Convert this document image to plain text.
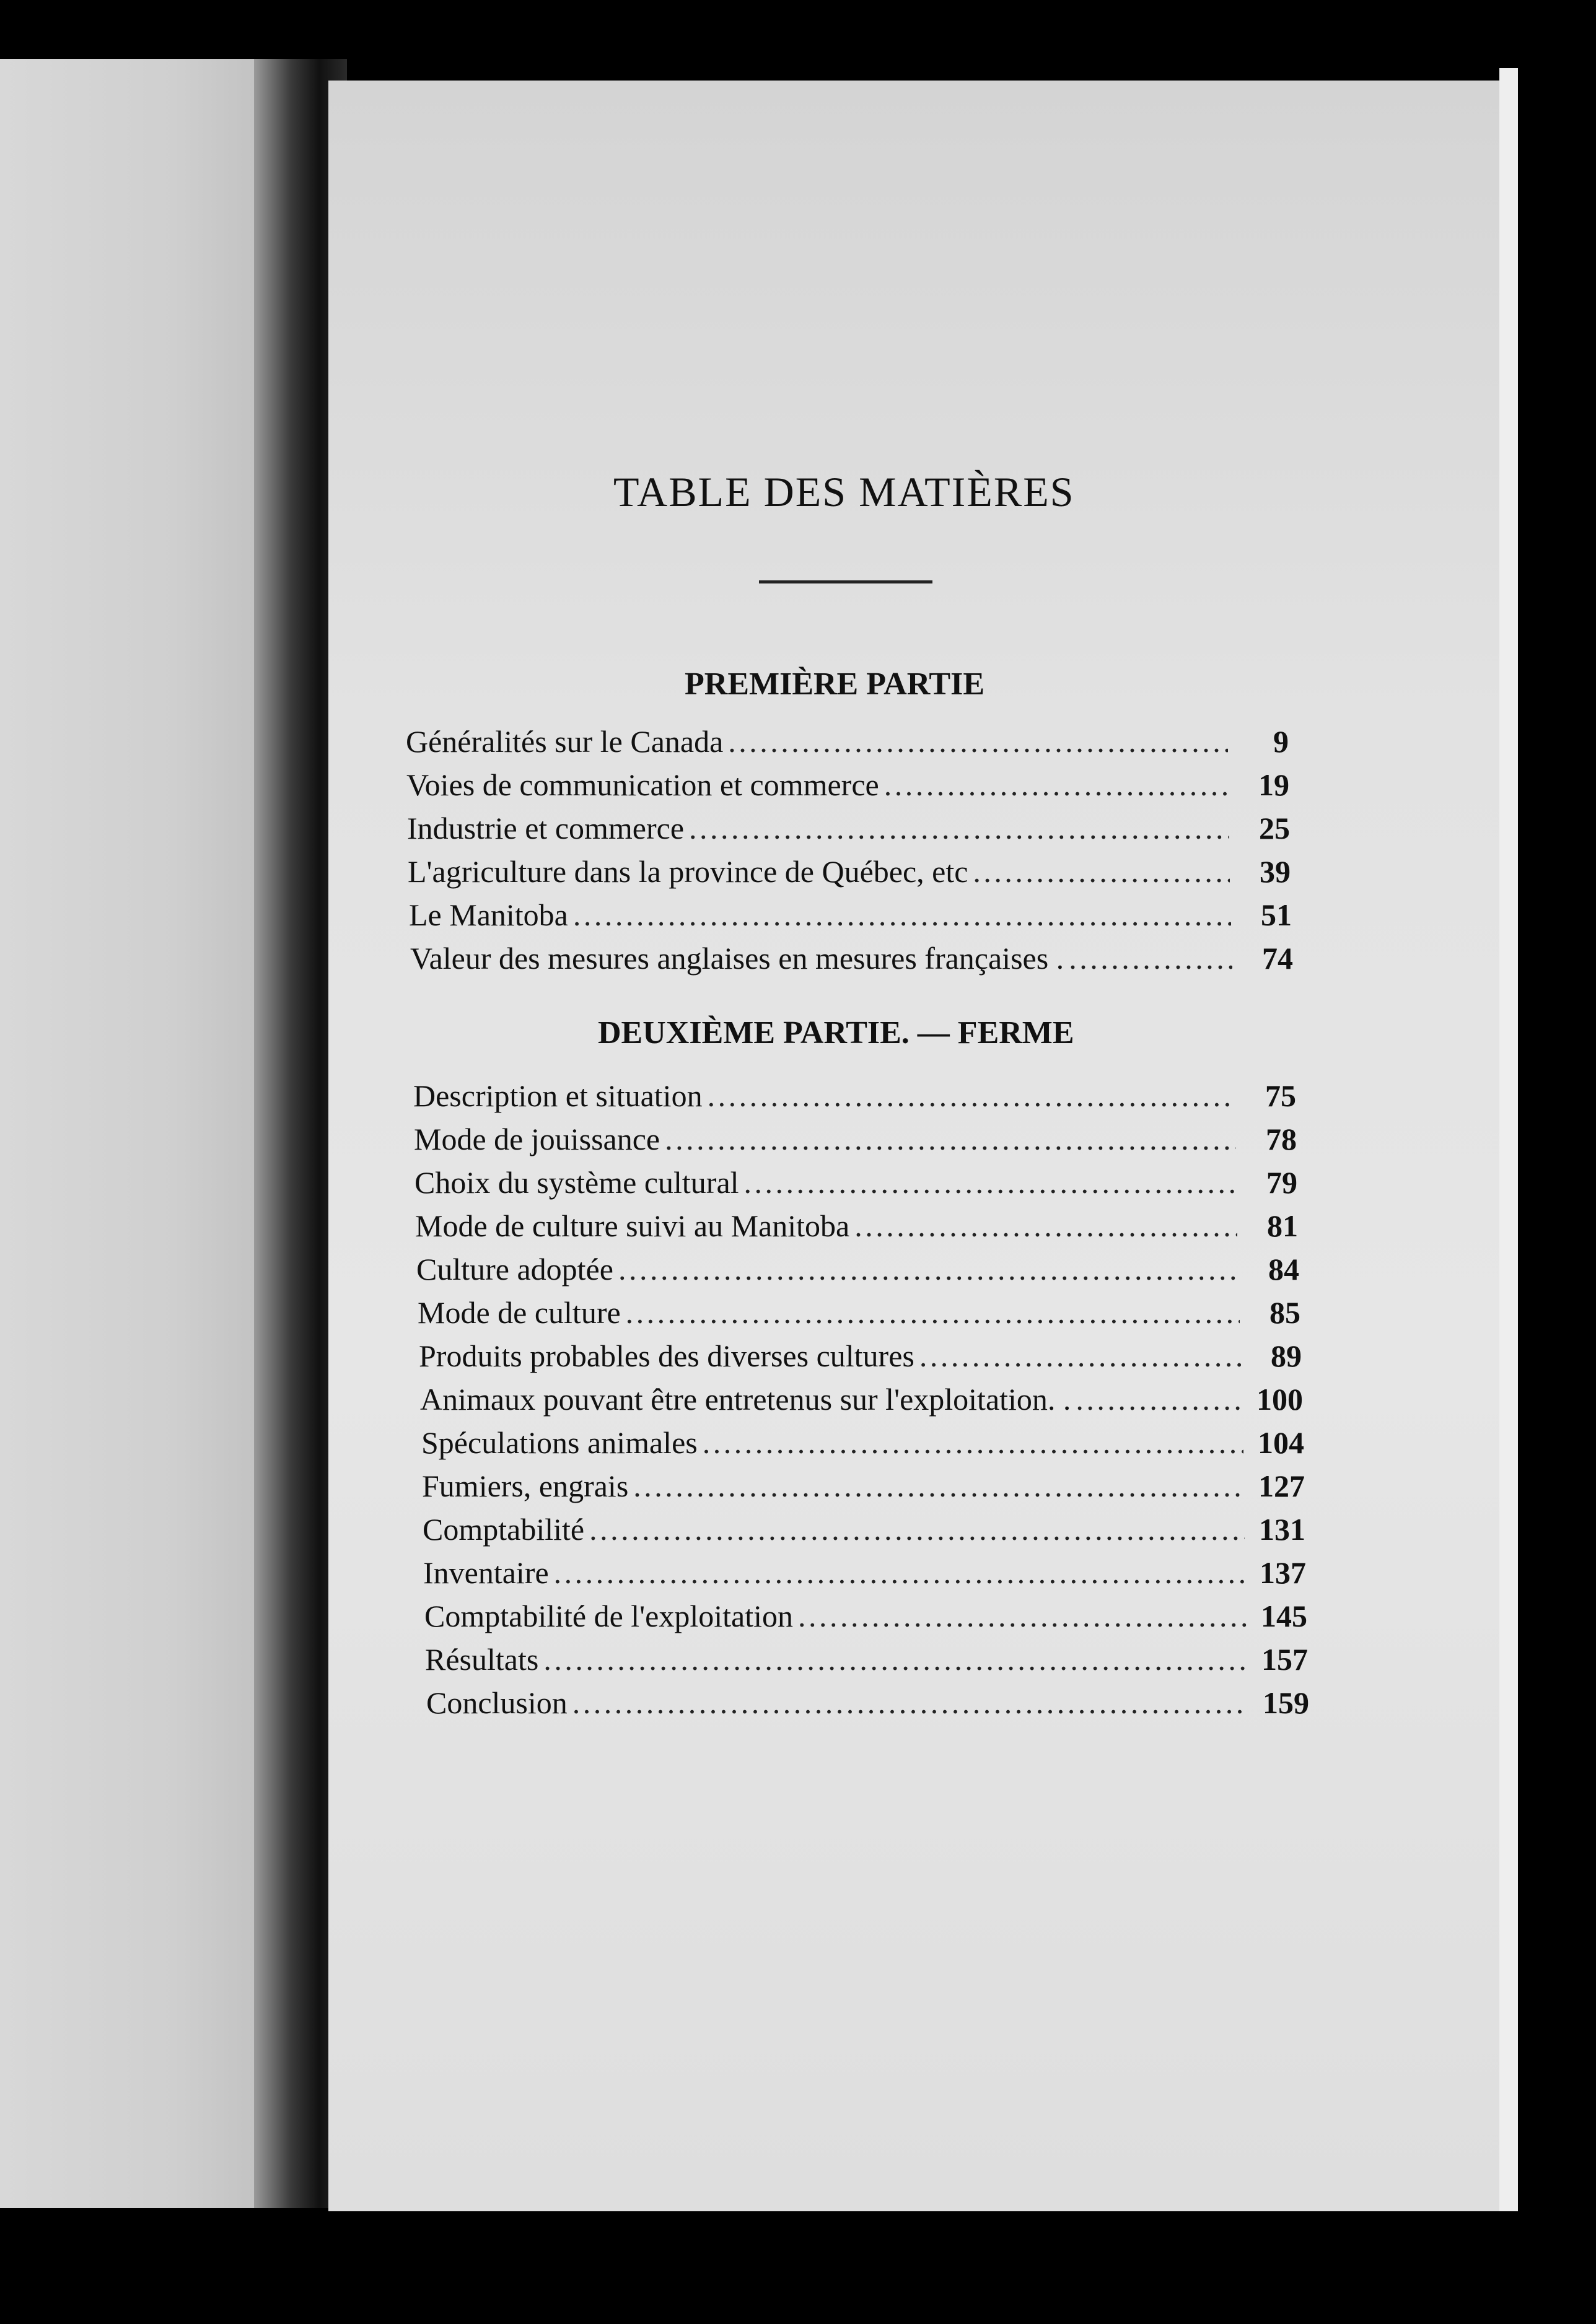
TABLE DES MATIÈRES
PREMIÈRE PARTIE
Généralités sur le Canada . . .	9
Voies de communication et commerce . . .	19
Industrie et commerce . . .	25
L'agriculture dans la province de Québec, etc . . .	39
Le Manitoba . . .	51
Valeur des mesures anglaises en mesures françaises . . . .	74
DEUXIÈME PARTIE. — FERME
Description et situation . . .	75
Mode de jouissance . . .	78
Choix du système cultural . . .	79
Mode de culture suivi au Manitoba . . .	81
Culture adoptée . . .	84
Mode de culture . . .	85
Produits probables des diverses cultures . . .	89
Animaux pouvant être entretenus sur l'exploitation. . . . .	100
Spéculations animales . . .	104
Fumiers, engrais . . .	127
Comptabilité . . .	131
Inventaire . . .	137
Comptabilité de l'exploitation . . .	145
Résultats . . .	157
Conclusion . . .	159
